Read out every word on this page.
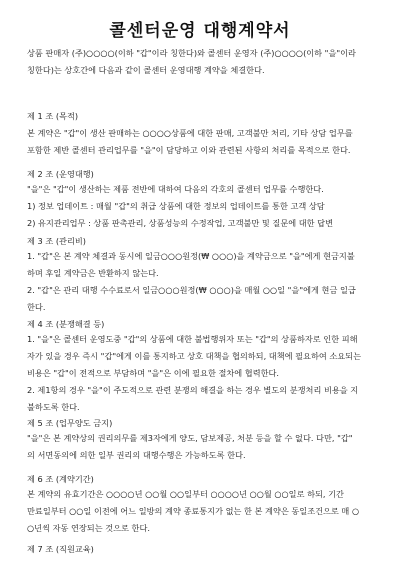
콜센터운영 대행계약서
상품 판매자 (주)○○○○(이하 "갑"이라 칭한다)와 콜센터 운영자 (주)○○○○(이하 "을"이라
칭한다)는 상호간에 다음과 같이 콜센터 운영대행 계약을 체결한다.
제 1 조 (목적)
본 계약은 "갑"이 생산 판매하는 ○○○○상품에 대한 판매, 고객불만 처리, 기타 상담 업무를
포함한 제반 콜센터 관리업무를 "을"이 담당하고 이와 관련된 사항의 처리를 목적으로 한다.
제 2 조 (운영대행)
"을"은 "갑"이 생산하는 제품 전반에 대하여 다음의 각호의 콜센터 업무를 수행한다.
1) 정보 업데이트 : 매월 "갑"의 취급 상품에 대한 정보의 업데이트를 통한 고객 상담
2) 유지관리업무 : 상품 판촉관리, 상품성능의 수정작업, 고객불만 및 질문에 대한 답변
제 3 조 (관리비)
1. "갑"은 본 계약 체결과 동시에 일금○○○원정(₩ ○○○)을 계약금으로 "을"에게 현금지불
하며 후일 계약금은 반환하지 않는다.
2. "갑"은 관리 대행 수수료로서 일금○○○원정(₩ ○○○)을 매월 ○○일 "을"에게 현금 일급
한다.
제 4 조 (분쟁해결 등)
1. "을"은 콜센터 운영도중 "갑"의 상품에 대한 불법행위자 또는 "갑"의 상품하자로 인한 피해
자가 있을 경우 즉시 "갑"에게 이를 통지하고 상호 대책을 협의하되, 대책에 필요하여 소요되는
비용은 "갑"이 전적으로 부담하며 "을"은 이에 필요한 절차에 협력한다.
2. 제1항의 경우 "을"이 주도적으로 관련 분쟁의 해결을 하는 경우 별도의 분쟁처리 비용을 지
불하도록 한다.
제 5 조 (업무양도 금지)
"을"은 본 계약상의 권리의무를 제3자에게 양도, 담보제공, 처분 등을 할 수 없다. 다만, "갑"
의 서면동의에 의한 일부 권리의 대행수행은 가능하도록 한다.
제 6 조 (계약기간)
본 계약의 유효기간은 ○○○○년 ○○월 ○○일부터 ○○○○년 ○○월 ○○일로 하되, 기간
만료일부터 ○○일 이전에 어느 일방의 계약 종료통지가 없는 한 본 계약은 동일조건으로 매 ○
○년씩 자동 연장되는 것으로 한다.
제 7 조 (직원교육)
